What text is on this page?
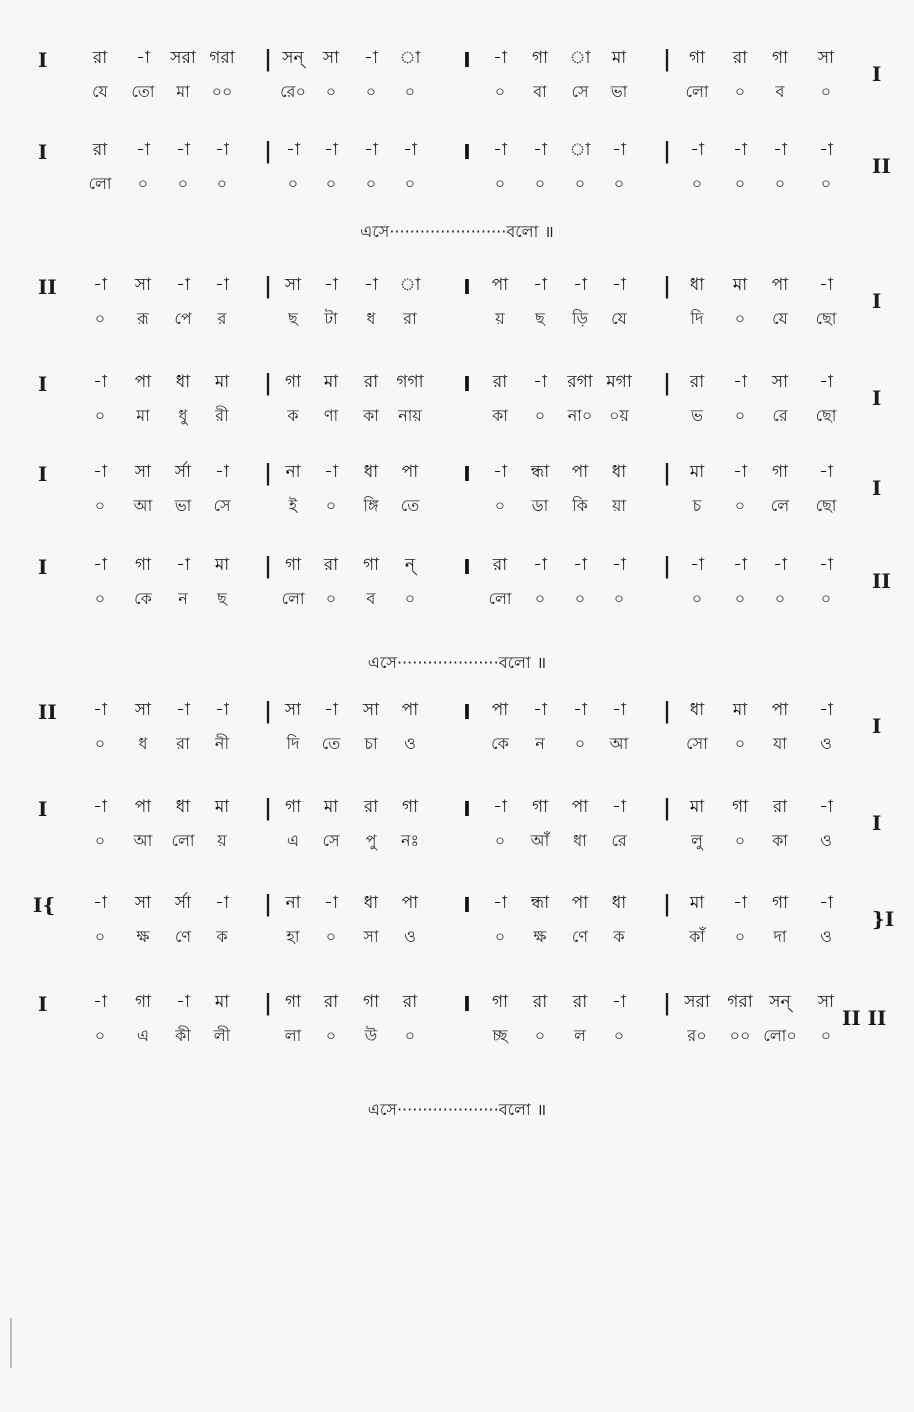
I
I
রা -া সরা গরা | সন্ সা -া া I -া গা া মা | গা রা গা সা
যে তো মা ০০	রে০ ০ ০ ০	০ বা সে ভা	লো ০ ব ০
I
II
রা -া -া -া | -া -া -া -া I -া -া া -া | -া -া -া -া
লো ০ ০ ০	০ ০ ০ ০	০ ০ ০ ০	০ ০ ০ ০
এসে·······················বলো ॥
II
I
-া সা -া -া | সা -া -া া I পা -া -া -া | ধা মা পা -া
০ রূ পে র	ছ টা ধ রা	য় ছ ড়ি যে	দি ০ যে ছো
I
I
-া পা ধা মা | গা মা রা গগা I রা -া রগা মগা | রা -া সা -া
০ মা ধু রী	ক ণা কা নায়	কা ০ না০ ০য়	ভ ০ রে ছো
I
I
-া সা র্সা -া | না -া ধা পা I -া ন্ধা পা ধা | মা -া গা -া
০ আ ভা সে	ই ০ ঙ্গি তে	০ ডা কি য়া	চ ০ লে ছো
I
II
-া গা -া মা | গা রা গা ন্ I রা -া -া -া | -া -া -া -া
০ কে ন ছ	লো ০ ব ০	লো ০ ০ ০	০ ০ ০ ০
এসে····················বলো ॥
II
I
-া সা -া -া | সা -া সা পা I পা -া -া -া | ধা মা পা -া
০ ধ রা নী	দি তে চা ও	কে ন ০ আ	সো ০ যা ও
I
I
-া পা ধা মা | গা মা রা গা I -া গা পা -া | মা গা রা -া
০ আ লো য়	এ সে পু নঃ	০ আঁ ধা রে	লু ০ কা ও
I{
}I
-া সা র্সা -া | না -া ধা পা I -া ন্ধা পা ধা | মা -া গা -া
০ ক্ষ ণে ক	হা ০ সা ও	০ ক্ষ ণে ক	কাঁ ০ দা ও
I
II II
-া গা -া মা | গা রা গা রা I গা রা রা -া | সরা গরা সন্ সা
০ এ কী লী	লা ০ উ ০	চ্ছ ০ ল ০	র০ ০০ লো০ ০
এসে····················বলো ॥
